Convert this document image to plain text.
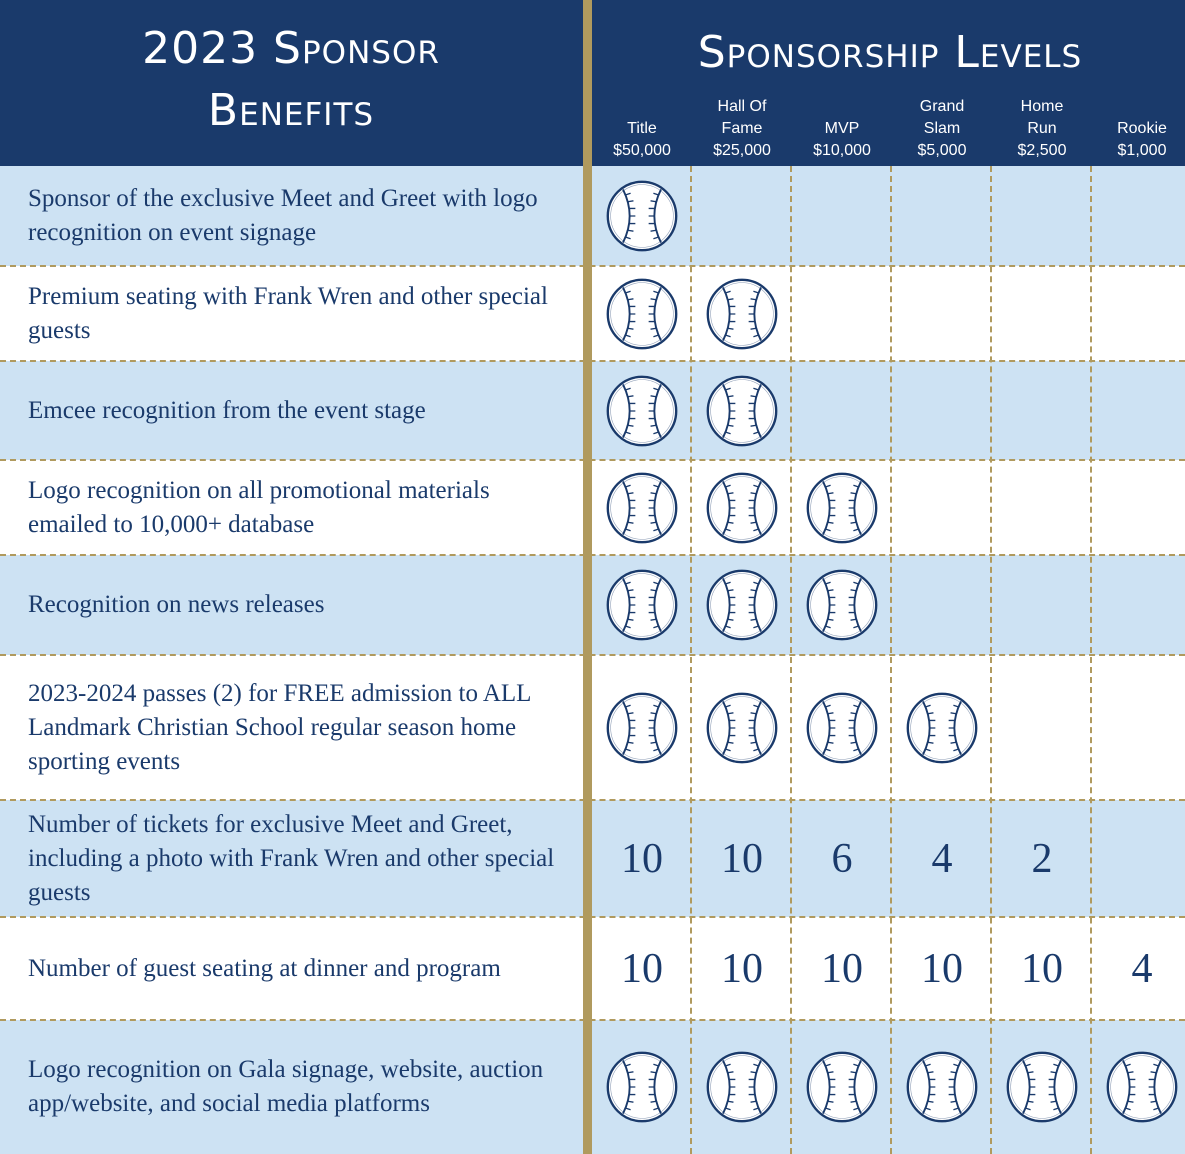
2023 Sponsor
Benefits
Sponsorship Levels
Title
$50,000
Hall Of
Fame
$25,000
MVP
$10,000
Grand
Slam
$5,000
Home
Run
$2,500
Rookie
$1,000
Sponsor of the exclusive Meet and Greet with logo recognition on event signage
Premium seating with Frank Wren and other special guests
Emcee recognition from the event stage
Logo recognition on all promotional materials emailed to 10,000+ database
Recognition on news releases
2023-2024 passes (2) for FREE admission to ALL Landmark Christian School regular season home sporting events
Number of tickets for exclusive Meet and Greet, including a photo with Frank Wren and other special guests
10 10 6 4 2
Number of guest seating at dinner and program	10 10 10 10 10 4
Logo recognition on Gala signage, website, auction app/website, and social media platforms
